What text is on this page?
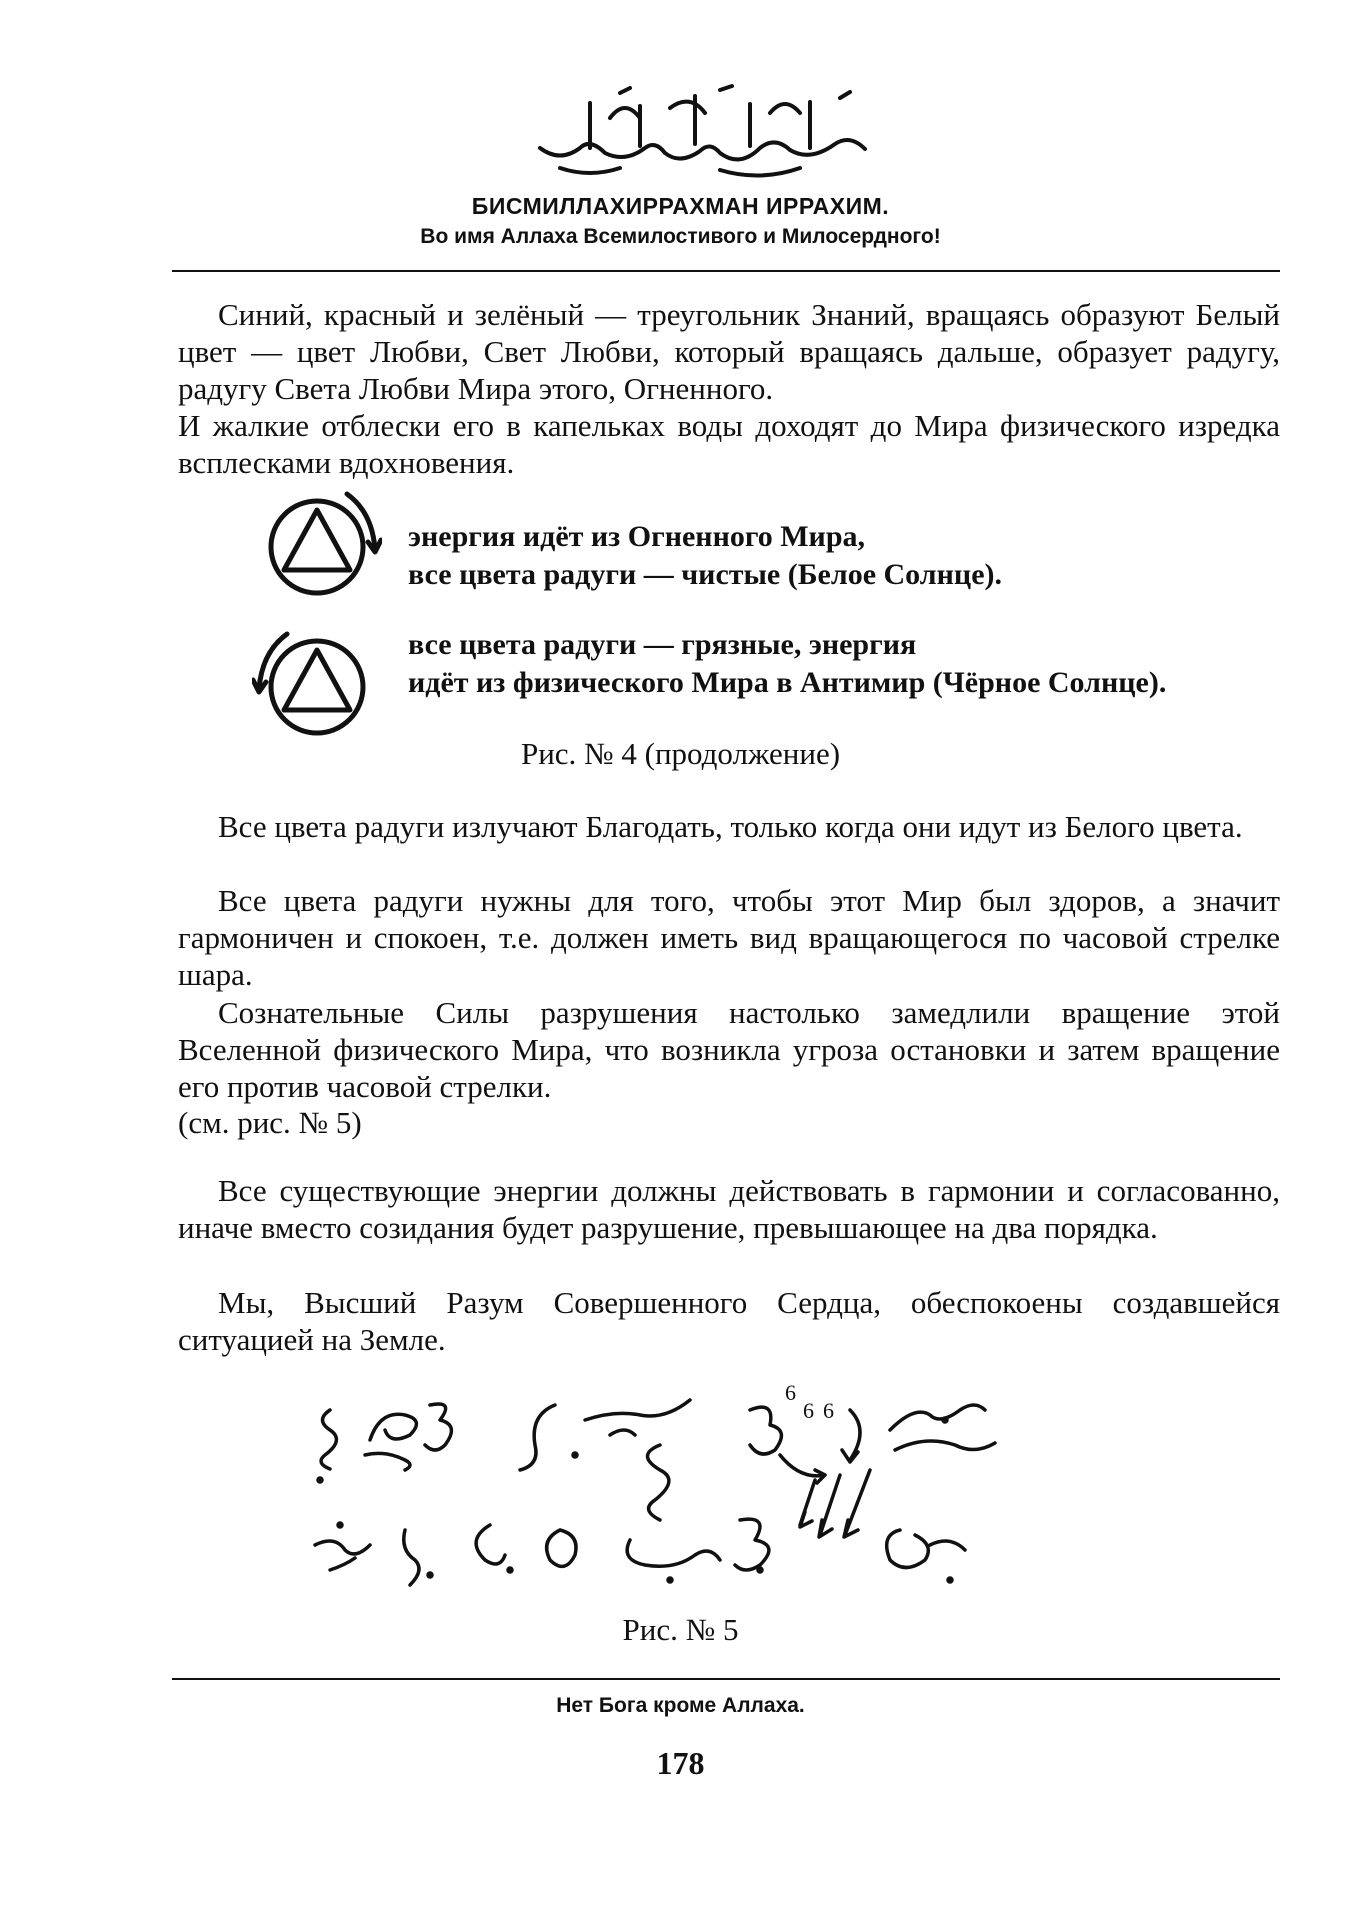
БИСМИЛЛАХИРРАХМАН ИРРАХИМ.
Во имя Аллаха Всемилостивого и Милосердного!

Синий, красный и зелёный — треугольник Знаний, вращаясь образуют Белый цвет — цвет Любви, Свет Любви, который вращаясь дальше, образует радугу, радугу Света Любви Мира этого, Огненного.

И жалкие отблески его в капельках воды доходят до Мира физического изредка всплесками вдохновения.

энергия идёт из Огненного Мира,
все цвета радуги — чистые (Белое Солнце).
все цвета радуги — грязные, энергия
идёт из физического Мира в Антимир (Чёрное Солнце).
Рис. № 4 (продолжение)

Все цвета радуги излучают Благодать, только когда они идут из Белого цвета.

Все цвета радуги нужны для того, чтобы этот Мир был здоров, а значит гармоничен и спокоен, т.е. должен иметь вид вращающегося по часовой стрелке шара.

Сознательные Силы разрушения настолько замедлили вращение этой Вселенной физического Мира, что возникла угроза остановки и затем вращение его против часовой стрелки.

(см. рис. № 5)

Все существующие энергии должны действовать в гармонии и согласованно, иначе вместо созидания будет разрушение, превышающее на два порядка.

Мы, Высший Разум Совершенного Сердца, обеспокоены создавшейся ситуацией на Земле.

6
6 6
Рис. № 5
Нет Бога кроме Аллаха.
178
